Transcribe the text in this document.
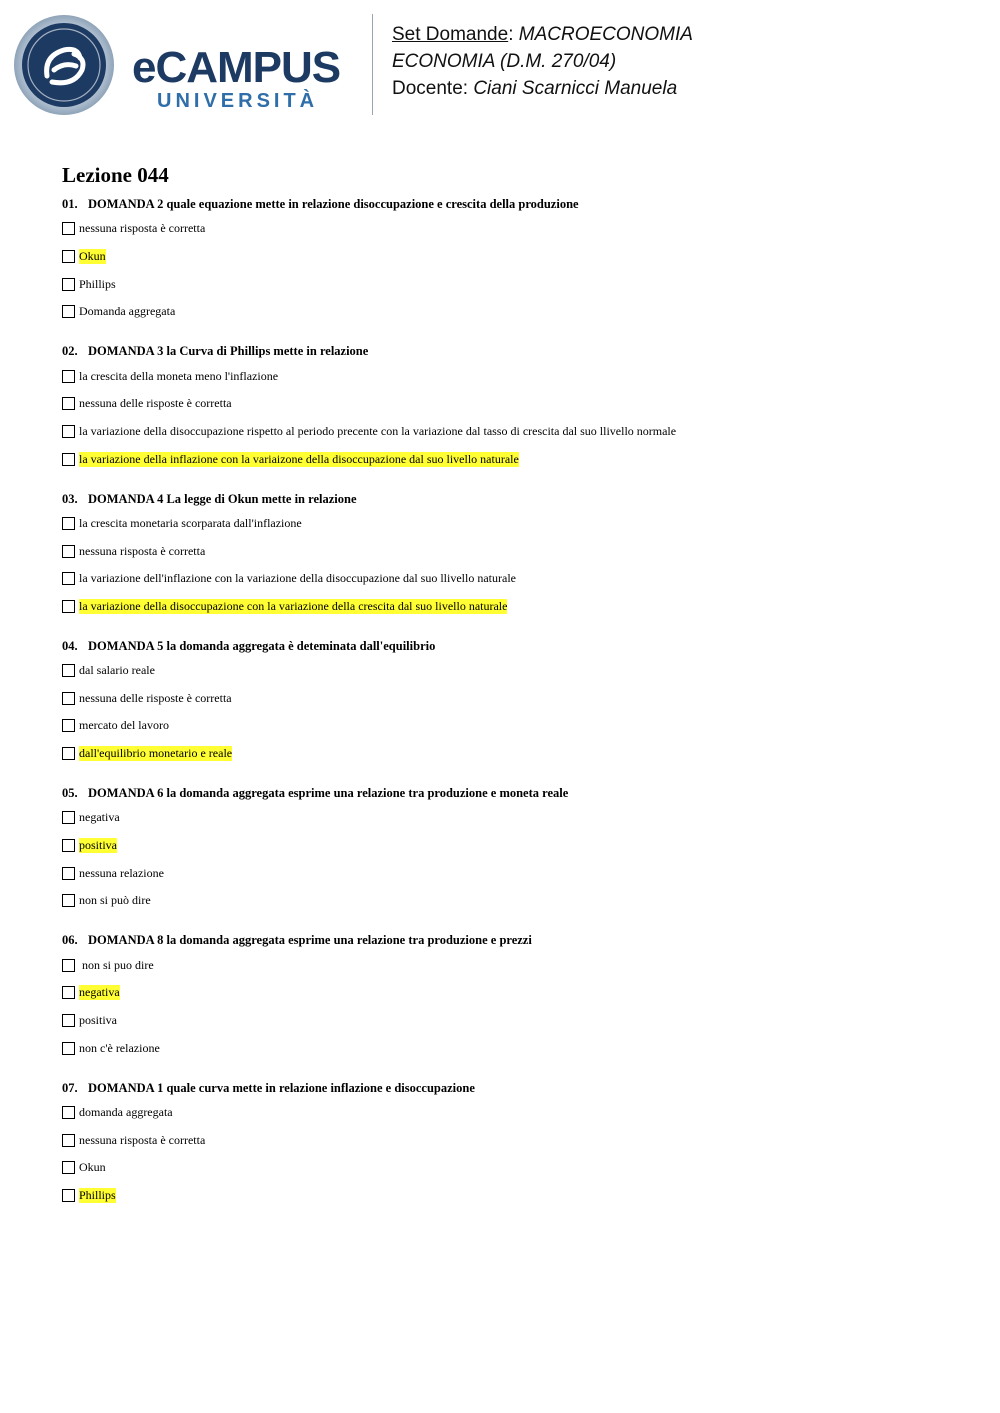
eCAMPUS
UNIVERSITÀ
Set Domande: MACROECONOMIA
ECONOMIA (D.M. 270/04)
Docente: Ciani Scarnicci Manuela
Lezione 044
01. DOMANDA 2 quale equazione mette in relazione disoccupazione e crescita della produzione
nessuna risposta è corretta
Okun
Phillips
Domanda aggregata
02. DOMANDA 3 la Curva di Phillips mette in relazione
la crescita della moneta meno l'inflazione
nessuna delle risposte è corretta
la variazione della disoccupazione rispetto al periodo precente con la variazione dal tasso di crescita dal suo llivello normale
la variazione della inflazione con la variaizone della disoccupazione dal suo livello naturale
03. DOMANDA 4 La legge di Okun mette in relazione
la crescita monetaria scorparata dall'inflazione
nessuna risposta è corretta
la variazione dell'inflazione con la variazione della disoccupazione dal suo llivello naturale
la variazione della disoccupazione con la variazione della crescita dal suo livello naturale
04. DOMANDA 5 la domanda aggregata è deteminata dall'equilibrio
dal salario reale
nessuna delle risposte è corretta
mercato del lavoro
dall'equilibrio monetario e reale
05. DOMANDA 6 la domanda aggregata esprime una relazione tra produzione e moneta reale
negativa
positiva
nessuna relazione
non si può dire
06. DOMANDA 8 la domanda aggregata esprime una relazione tra produzione e prezzi
non si puo dire
negativa
positiva
non c'è relazione
07. DOMANDA 1 quale curva mette in relazione inflazione e disoccupazione
domanda aggregata
nessuna risposta è corretta
Okun
Phillips
